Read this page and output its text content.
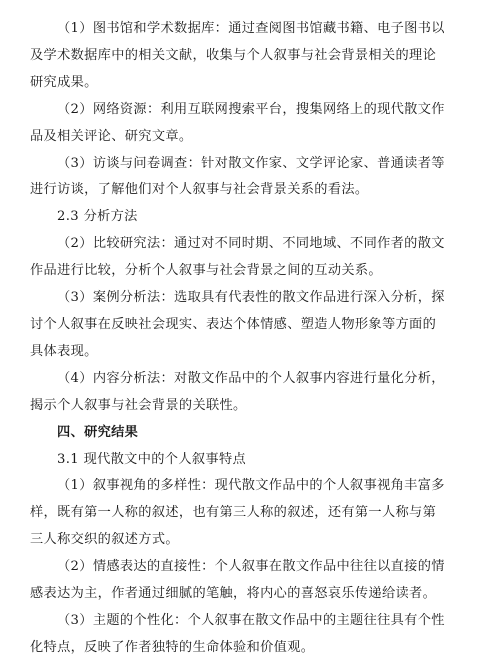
（1）图书馆和学术数据库：通过查阅图书馆藏书籍、电子图书以

及学术数据库中的相关文献，收集与个人叙事与社会背景相关的理论

研究成果。

（2）网络资源：利用互联网搜索平台，搜集网络上的现代散文作

品及相关评论、研究文章。

（3）访谈与问卷调查：针对散文作家、文学评论家、普通读者等

进行访谈，了解他们对个人叙事与社会背景关系的看法。

2.3 分析方法

（2）比较研究法：通过对不同时期、不同地域、不同作者的散文

作品进行比较，分析个人叙事与社会背景之间的互动关系。

（3）案例分析法：选取具有代表性的散文作品进行深入分析，探

讨个人叙事在反映社会现实、表达个体情感、塑造人物形象等方面的

具体表现。

（4）内容分析法：对散文作品中的个人叙事内容进行量化分析，

揭示个人叙事与社会背景的关联性。

四、研究结果

3.1 现代散文中的个人叙事特点

（1）叙事视角的多样性：现代散文作品中的个人叙事视角丰富多

样，既有第一人称的叙述，也有第三人称的叙述，还有第一人称与第

三人称交织的叙述方式。

（2）情感表达的直接性：个人叙事在散文作品中往往以直接的情

感表达为主，作者通过细腻的笔触，将内心的喜怒哀乐传递给读者。

（3）主题的个性化：个人叙事在散文作品中的主题往往具有个性

化特点，反映了作者独特的生命体验和价值观。
